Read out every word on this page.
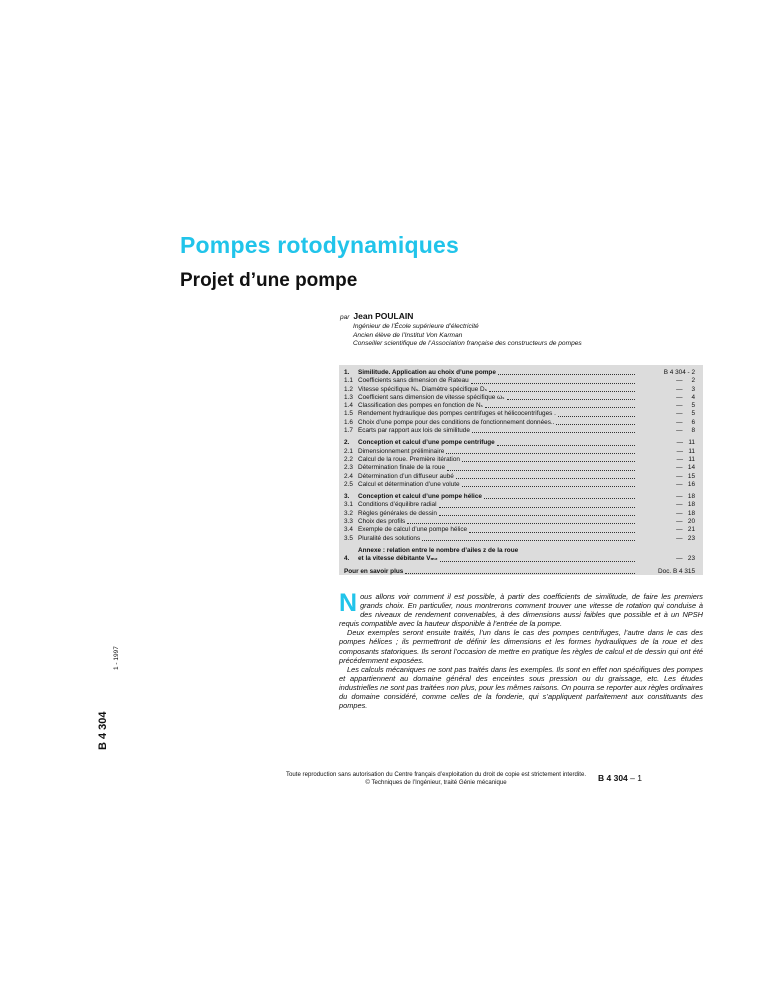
Pompes rotodynamiques
Projet d’une pompe
par Jean POULAIN
Ingénieur de l’École supérieure d’électricité
Ancien élève de l’Institut Von Karman
Conseiller scientifique de l’Association française des constructeurs de pompes
1.	Similitude. Application au choix d’une pompe	B 4 304 - 2
1.1 Coefficients sans dimension de Rateau	—     2
1.2 Vitesse spécifique Nₛ. Diamètre spécifique Dₛ	—     3
1.3 Coefficient sans dimension de vitesse spécifique ωₛ	—     4
1.4 Classification des pompes en fonction de Nₛ	—     5
1.5 Rendement hydraulique des pompes centrifuges et hélicocentrifuges .	—     5
1.6 Choix d’une pompe pour des conditions de fonctionnement données..	—     6
1.7 Écarts par rapport aux lois de similitude	—     8
2.	Conception et calcul d’une pompe centrifuge	—   11
2.1 Dimensionnement préliminaire	—   11
2.2 Calcul de la roue. Première itération	—   11
2.3 Détermination finale de la roue	—   14
2.4 Détermination d’un diffuseur aubé	—   15
2.5 Calcul et détermination d’une volute	—   16
3.	Conception et calcul d’une pompe hélice	—   18
3.1 Conditions d’équilibre radial	—   18
3.2 Règles générales de dessin	—   18
3.3 Choix des profils	—   20
3.4 Exemple de calcul d’une pompe hélice	—   21
3.5 Pluralité des solutions	—   23
4.
Annexe : relation entre le nombre d’ailes z de la roue
et la vitesse débitante Vₘ₂	—   23
Pour en savoir plus	Doc. B 4 315

Nous allons voir comment il est possible, à partir des coefficients de similitude, de faire les premiers grands choix. En particulier, nous montrerons comment trouver une vitesse de rotation qui conduise à des niveaux de rendement convenables, à des dimensions aussi faibles que possible et à un NPSH requis compatible avec la hauteur disponible à l’entrée de la pompe.

Deux exemples seront ensuite traités, l’un dans le cas des pompes centrifuges, l’autre dans le cas des pompes hélices ; ils permettront de définir les dimensions et les formes hydrauliques de la roue et des composants statoriques. Ils seront l’occasion de mettre en pratique les règles de calcul et de dessin qui ont été précédemment exposées.

Les calculs mécaniques ne sont pas traités dans les exemples. Ils sont en effet non spécifiques des pompes et appartiennent au domaine général des enceintes sous pression ou du graissage, etc. Les études industrielles ne sont pas traitées non plus, pour les mêmes raisons. On pourra se reporter aux règles ordinaires du domaine considéré, comme celles de la fonderie, qui s’appliquent parfaitement aux constituants des pompes.

1 - 1997
B 4 304
Toute reproduction sans autorisation du Centre français d’exploitation du droit de copie est strictement interdite.
© Techniques de l’Ingénieur, traité Génie mécanique	B 4 304 – 1
